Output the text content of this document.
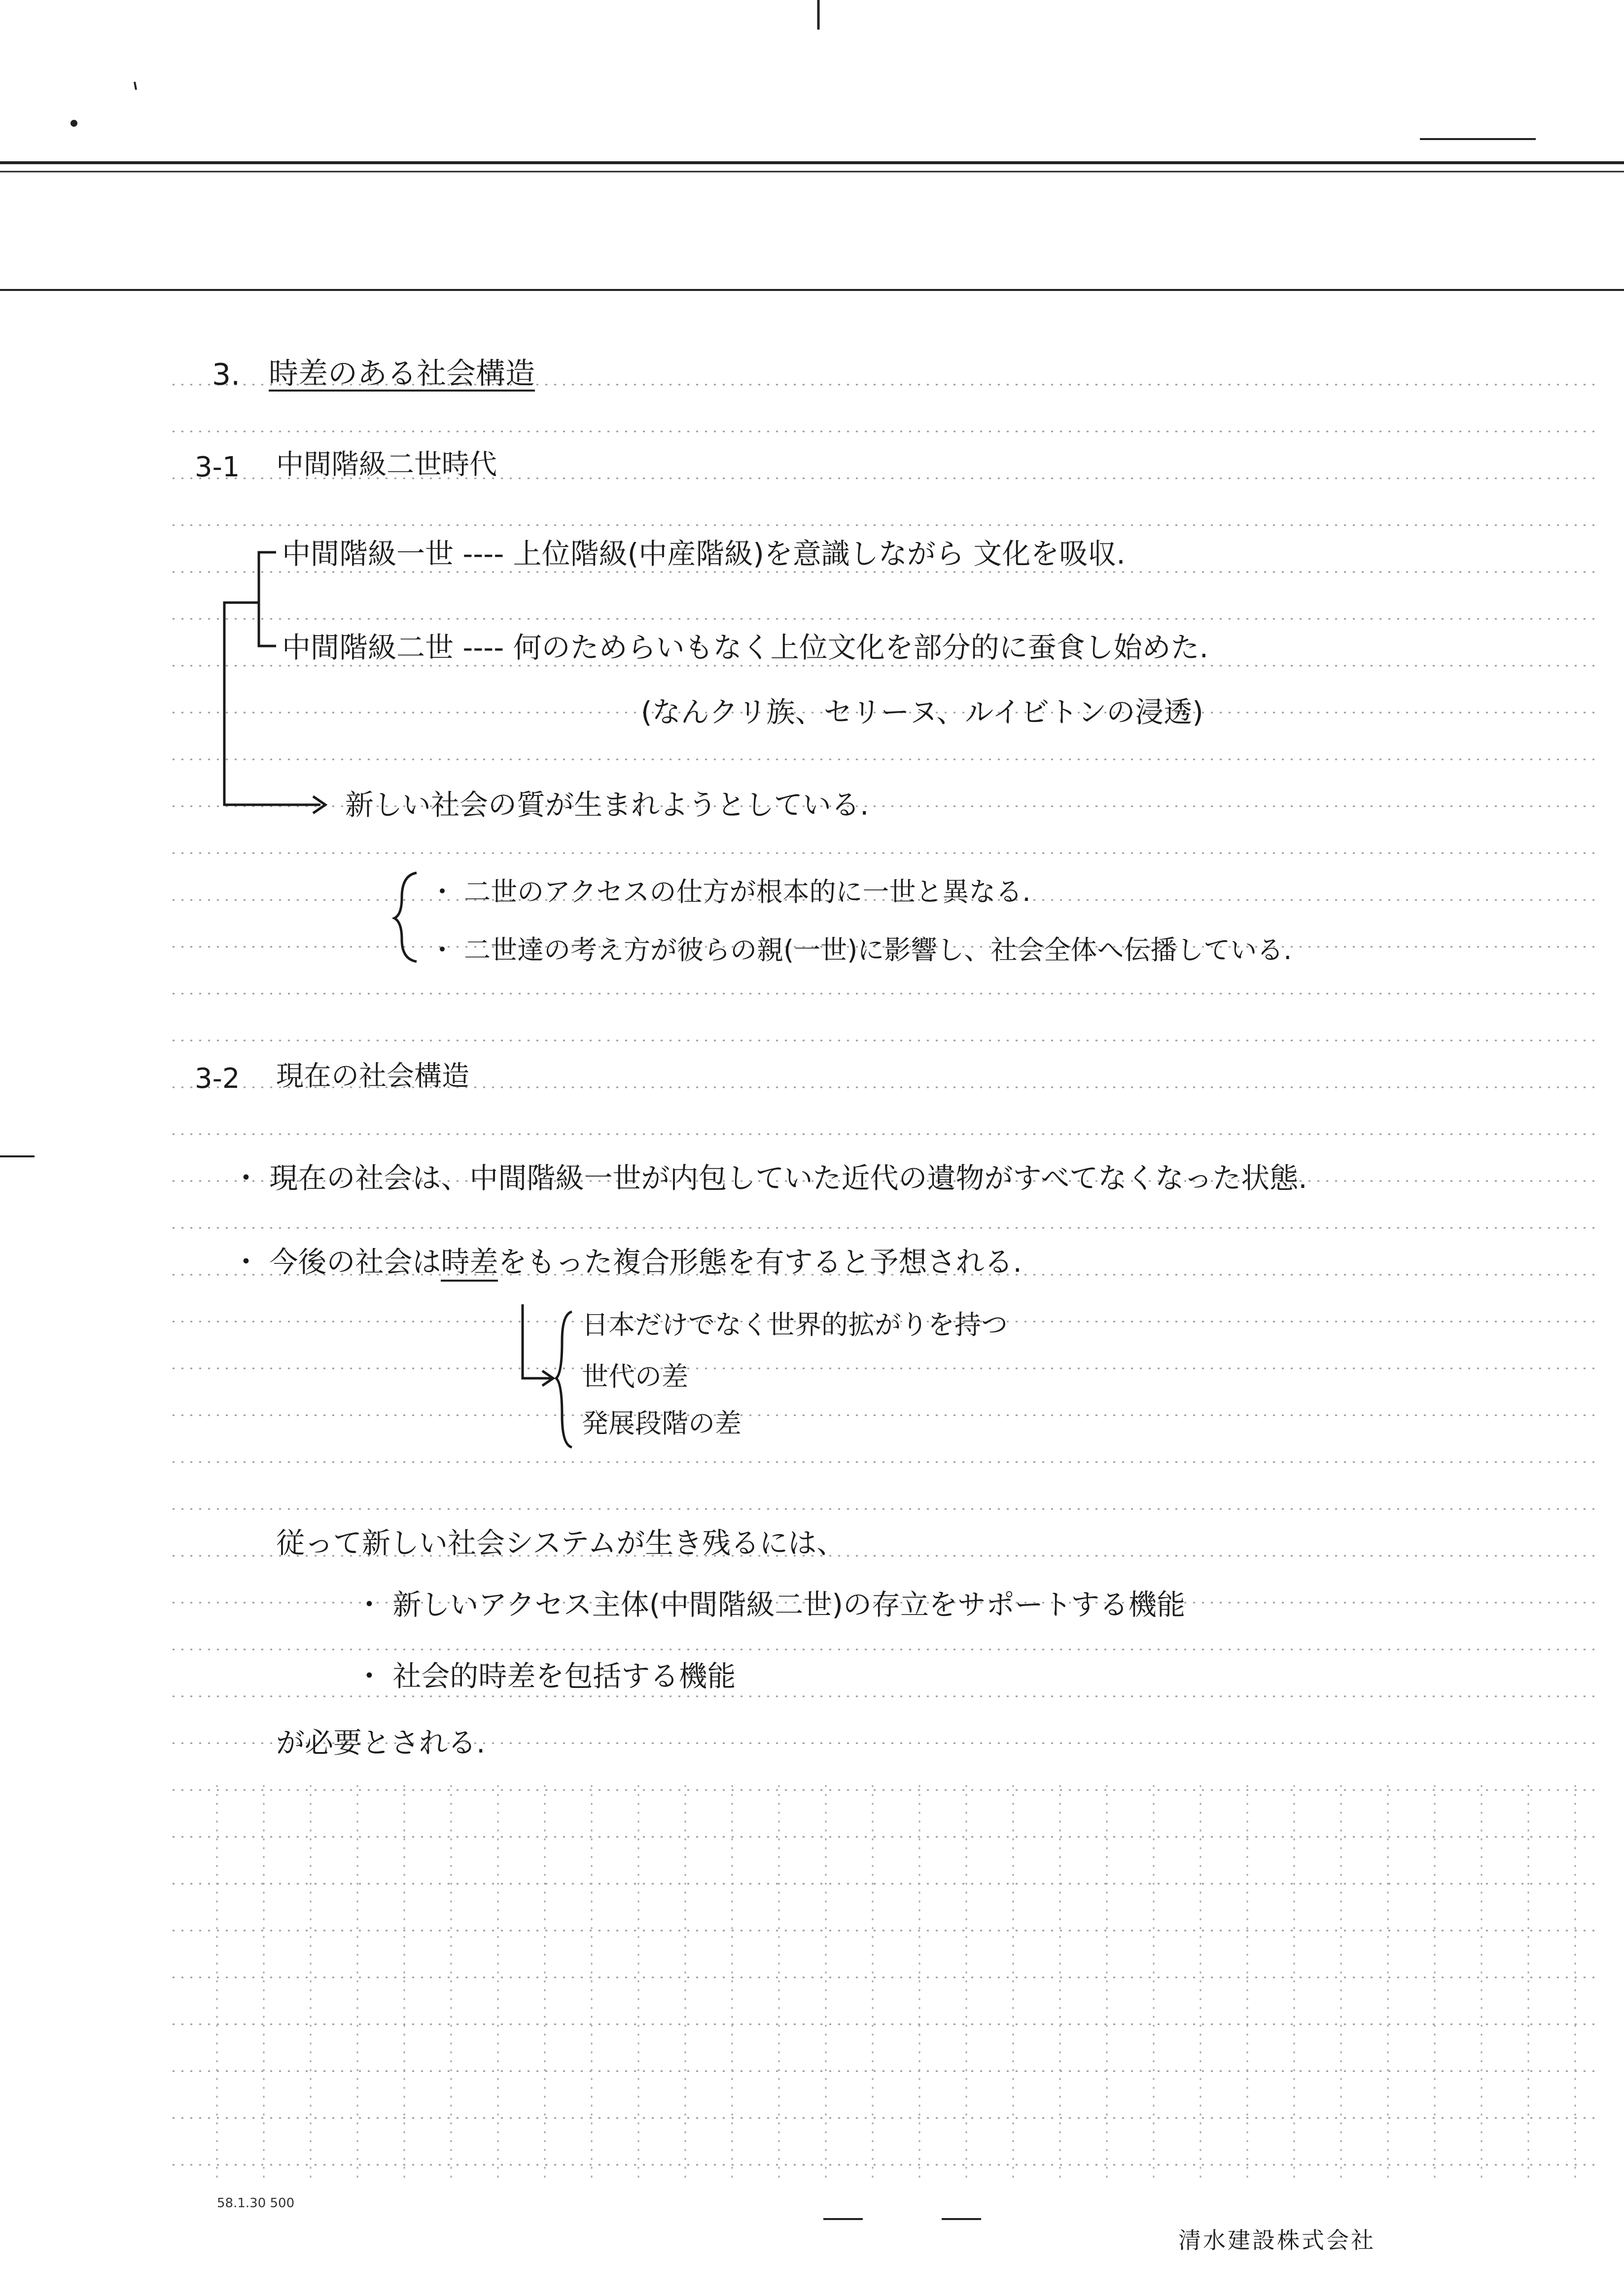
3. 時差のある社会構造
3-1 中間階級二世時代
中間階級一世 ---- 上位階級(中産階級)を意識しながら 文化を吸収.
中間階級二世 ---- 何のためらいもなく上位文化を部分的に蚕食し始めた.
(なんクリ族、セリーヌ、ルイビトンの浸透)
新しい社会の質が生まれようとしている.
・ 二世のアクセスの仕方が根本的に一世と異なる.
・ 二世達の考え方が彼らの親(一世)に影響し、社会全体へ伝播している.
3-2 現在の社会構造
・ 現在の社会は、中間階級一世が内包していた近代の遺物がすべてなくなった状態.
・ 今後の社会は時差をもった複合形態を有すると予想される.
日本だけでなく世界的拡がりを持つ
世代の差
発展段階の差
従って新しい社会システムが生き残るには、
・ 新しいアクセス主体(中間階級二世)の存立をサポートする機能
・ 社会的時差を包括する機能
が必要とされる.
58.1.30 500
清水建設株式会社
